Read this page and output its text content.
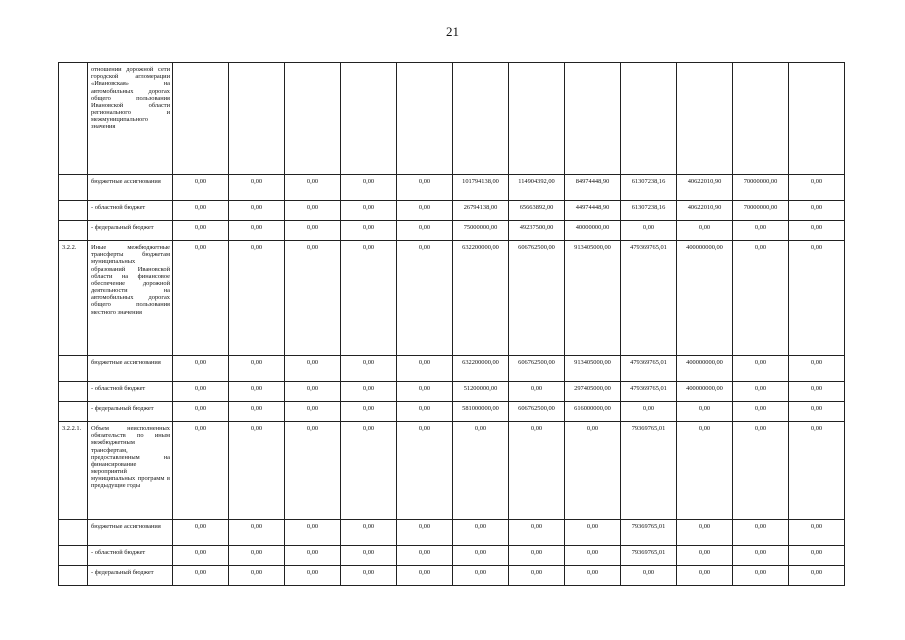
21
	отношении дорожной сети городской агломерации «Ивановская» на автомобильных дорогах общего пользования Ивановской области регионального и межмуниципального значения												
	бюджетные ассигнования	0,00	0,00	0,00	0,00	0,00	101794138,00	114904392,00	84974448,90	61307238,16	40622010,90	70000000,00	0,00
	- областной бюджет	0,00	0,00	0,00	0,00	0,00	26794138,00	65663892,00	44974448,90	61307238,16	40622010,90	70000000,00	0,00
	- федеральный бюджет	0,00	0,00	0,00	0,00	0,00	75000000,00	49237500,00	40000000,00	0,00	0,00	0,00	0,00
3.2.2.	Иные межбюджетные трансферты бюджетам муниципальных образований Ивановской области на финансовое обеспечение дорожной деятельности на автомобильных дорогах общего пользования местного значения	0,00	0,00	0,00	0,00	0,00	632200000,00	606762500,00	913405000,00	479369765,01	400000000,00	0,00	0,00
	бюджетные ассигнования	0,00	0,00	0,00	0,00	0,00	632200000,00	606762500,00	913405000,00	479369765,01	400000000,00	0,00	0,00
	- областной бюджет	0,00	0,00	0,00	0,00	0,00	51200000,00	0,00	297405000,00	479369765,01	400000000,00	0,00	0,00
	- федеральный бюджет	0,00	0,00	0,00	0,00	0,00	581000000,00	606762500,00	616000000,00	0,00	0,00	0,00	0,00
3.2.2.1.	Объем неисполненных обязательств по иным межбюджетным трансфертам, предоставленным на финансирование мероприятий муниципальных программ в предыдущие годы	0,00	0,00	0,00	0,00	0,00	0,00	0,00	0,00	79369765,01	0,00	0,00	0,00
	бюджетные ассигнования	0,00	0,00	0,00	0,00	0,00	0,00	0,00	0,00	79369765,01	0,00	0,00	0,00
	- областной бюджет	0,00	0,00	0,00	0,00	0,00	0,00	0,00	0,00	79369765,01	0,00	0,00	0,00
	- федеральный бюджет	0,00	0,00	0,00	0,00	0,00	0,00	0,00	0,00	0,00	0,00	0,00	0,00
